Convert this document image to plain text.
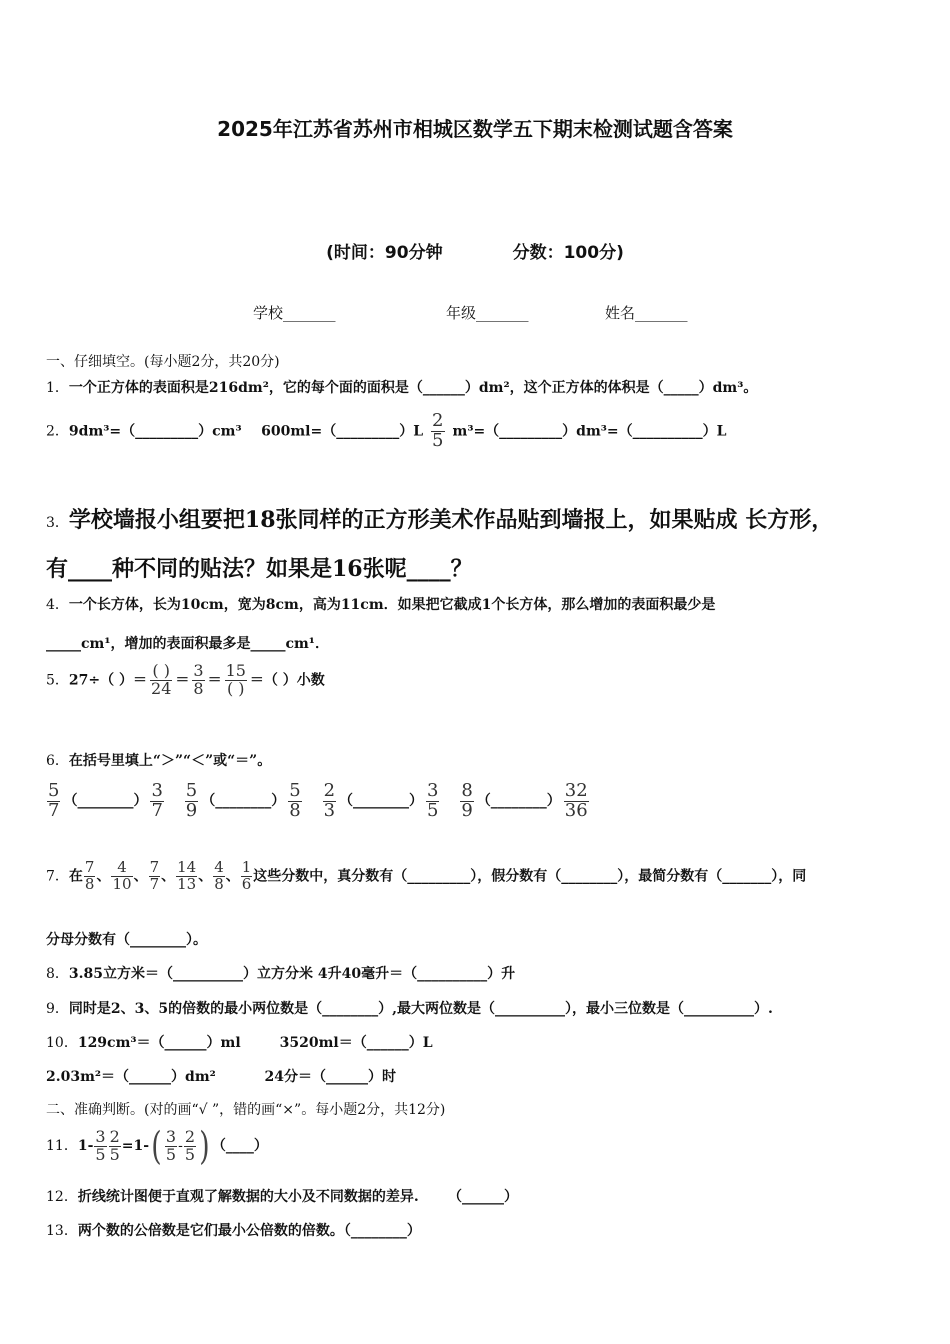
2025年江苏省苏州市相城区数学五下期末检测试题含答案
(时间：90分钟	分数：100分)
学校_______	年级_______	姓名_______
一、仔细填空。(每小题2分，共20分)
1．一个正方体的表面积是216dm²，它的每个面的面积是（______）dm²，这个正方体的体积是（_____）dm³。
2．9dm³=（_________）cm³ 600ml=（_________）L $\frac{2}{5}$ m³=（_________）dm³=（__________）L
3．学校墙报小组要把18张同样的正方形美术作品贴到墙报上，如果贴成 长方形，
有____种不同的贴法？如果是16张呢____？
4．一个长方体，长为10cm，宽为8cm，高为11cm．如果把它截成1个长方体，那么增加的表面积最少是
_____cm¹，增加的表面积最多是_____cm¹．
5．27÷（ ）＝ $\frac{( )}{24} = \frac{3}{8} = \frac{15}{( )}$ ＝（ ）小数
6．在括号里填上“＞”“＜”或“＝”。
$\frac{5}{7}$ （________） $\frac{3}{7}$
$\frac{5}{9}$ （________） $\frac{5}{8}$
$\frac{2}{3}$ （________） $\frac{3}{5}$
$\frac{8}{9}$ （________） $\frac{32}{36}$
7．在 $\frac{7}{8}$ 、 $\frac{4}{10}$ 、 $\frac{7}{7}$ 、 $\frac{14}{13}$ 、 $\frac{4}{8}$ 、 $\frac{1}{6}$ 这些分数中，真分数有（_________），假分数有（________），最简分数有（_______），同
分母分数有（________）。
8．3.85立方米＝（__________）立方分米 4升40毫升＝（__________）升
9．同时是2、3、5的倍数的最小两位数是（________）,最大两位数是（__________），最小三位数是（__________）.
10．129cm³＝（______）ml	3520ml＝（______）L
2.03m²＝（______）dm²	24分＝（______）时
二、准确判断。(对的画“√ ”，错的画“×”。每小题2分，共12分)
11．$1- \frac{3}{5} \frac{2}{5} =1-( \frac{3}{5} - \frac{2}{5}$ ) （____）
12．折线统计图便于直观了解数据的大小及不同数据的差异. （______）
13．两个数的公倍数是它们最小公倍数的倍数。（________）
